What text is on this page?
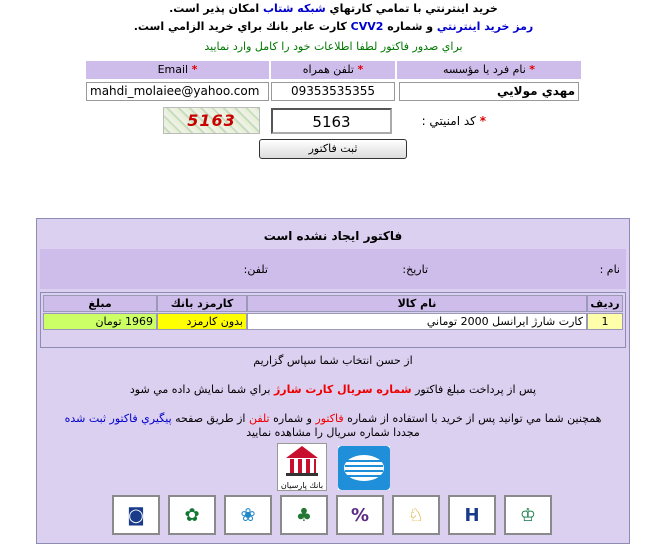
خريد اينترنتي با تمامي كارتهاي شبكه شتاب امكان پذير است.
رمز خريد اينترنتي و شماره CVV2 كارت عابر بانك براي خريد الزامي است.
براي صدور فاكتور لطفا اطلاعات خود را كامل وارد نماييد
* نام فرد يا مؤسسه
* تلفن همراه
Email *
مهدي مولايي
09353535355
mahdi_molaiee@yahoo.com
* كد امنيتي :
5163
5163
ثبت فاكتور
فاكتور ايجاد نشده است
نام :
تاريخ:
تلفن:
رديف
نام كالا
كارمزد بانك
مبلغ
1
كارت شارژ ايرانسل 2000 توماني
بدون كارمزد
1969 تومان
از حسن انتخاب شما سپاس گزاريم
پس از پرداخت مبلغ فاكتور شماره سريال كارت شارژ براي شما نمايش داده مي شود
همچنين شما مي توانيد پس از خريد با استفاده از شماره فاكتور و شماره تلفن از طريق صفحه پيگيري فاكتور ثبت شده
مجددا شماره سريال را مشاهده نماييد
بانك پارسيان
◙ ✿ ❀ ♣ % ♘ H ♔
